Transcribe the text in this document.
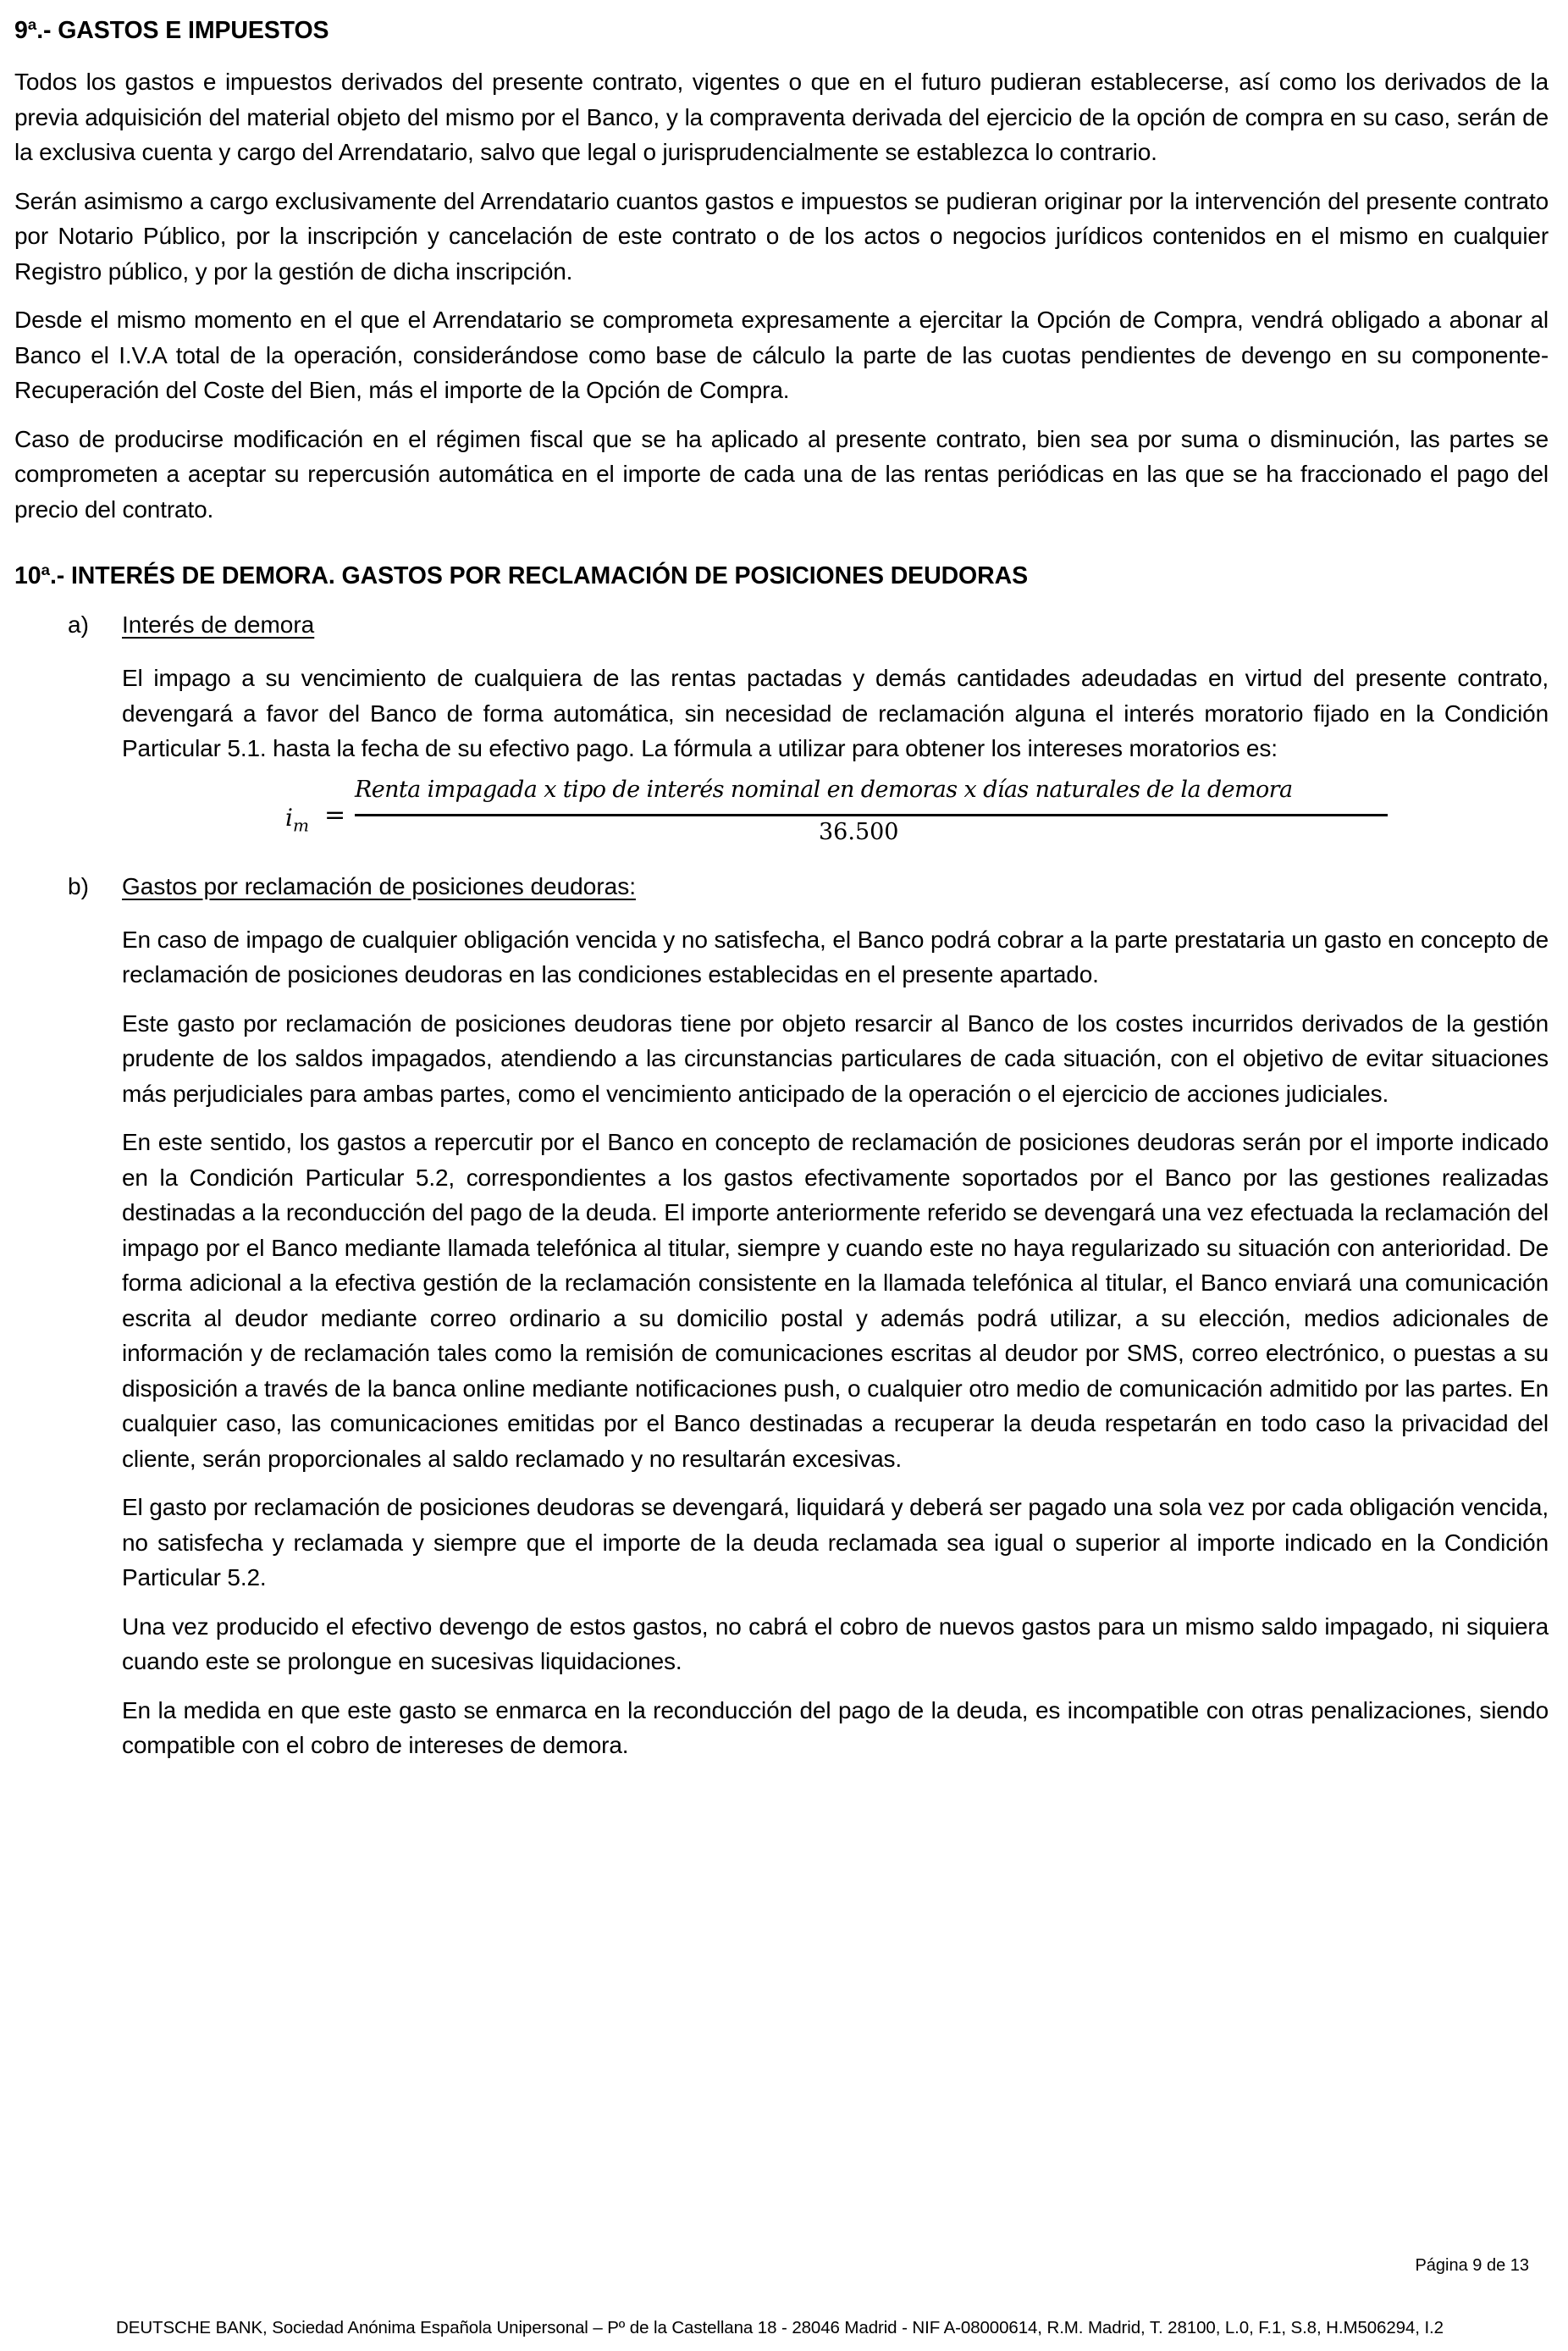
9ª.- GASTOS E IMPUESTOS

Todos los gastos e impuestos derivados del presente contrato, vigentes o que en el futuro pudieran establecerse, así como los derivados de la previa adquisición del material objeto del mismo por el Banco, y la compraventa derivada del ejercicio de la opción de compra en su caso, serán de la exclusiva cuenta y cargo del Arrendatario, salvo que legal o jurisprudencialmente se establezca lo contrario.

Serán asimismo a cargo exclusivamente del Arrendatario cuantos gastos e impuestos se pudieran originar por la intervención del presente contrato por Notario Público, por la inscripción y cancelación de este contrato o de los actos o negocios jurídicos contenidos en el mismo en cualquier Registro público, y por la gestión de dicha inscripción.

Desde el mismo momento en el que el Arrendatario se comprometa expresamente a ejercitar la Opción de Compra, vendrá obligado a abonar al Banco el I.V.A total de la operación, considerándose como base de cálculo la parte de las cuotas pendientes de devengo en su componente- Recuperación del Coste del Bien, más el importe de la Opción de Compra.

Caso de producirse modificación en el régimen fiscal que se ha aplicado al presente contrato, bien sea por suma o disminución, las partes se comprometen a aceptar su repercusión automática en el importe de cada una de las rentas periódicas en las que se ha fraccionado el pago del precio del contrato.

10ª.- INTERÉS DE DEMORA. GASTOS POR RECLAMACIÓN DE POSICIONES DEUDORAS
a)	Interés de demora

El impago a su vencimiento de cualquiera de las rentas pactadas y demás cantidades adeudadas en virtud del presente contrato, devengará a favor del Banco de forma automática, sin necesidad de reclamación alguna el interés moratorio fijado en la Condición Particular 5.1. hasta la fecha de su efectivo pago. La fórmula a utilizar para obtener los intereses moratorios es:

$i_m$ =
Renta impagada x tipo de interés nominal en demoras x días naturales de la demora
36.500
b)	Gastos por reclamación de posiciones deudoras:

En caso de impago de cualquier obligación vencida y no satisfecha, el Banco podrá cobrar a la parte prestataria un gasto en concepto de reclamación de posiciones deudoras en las condiciones establecidas en el presente apartado.

Este gasto por reclamación de posiciones deudoras tiene por objeto resarcir al Banco de los costes incurridos derivados de la gestión prudente de los saldos impagados, atendiendo a las circunstancias particulares de cada situación, con el objetivo de evitar situaciones más perjudiciales para ambas partes, como el vencimiento anticipado de la operación o el ejercicio de acciones judiciales.

En este sentido, los gastos a repercutir por el Banco en concepto de reclamación de posiciones deudoras serán por el importe indicado en la Condición Particular 5.2, correspondientes a los gastos efectivamente soportados por el Banco por las gestiones realizadas destinadas a la reconducción del pago de la deuda. El importe anteriormente referido se devengará una vez efectuada la reclamación del impago por el Banco mediante llamada telefónica al titular, siempre y cuando este no haya regularizado su situación con anterioridad. De forma adicional a la efectiva gestión de la reclamación consistente en la llamada telefónica al titular, el Banco enviará una comunicación escrita al deudor mediante correo ordinario a su domicilio postal y además podrá utilizar, a su elección, medios adicionales de información y de reclamación tales como la remisión de comunicaciones escritas al deudor por SMS, correo electrónico, o puestas a su disposición a través de la banca online mediante notificaciones push, o cualquier otro medio de comunicación admitido por las partes. En cualquier caso, las comunicaciones emitidas por el Banco destinadas a recuperar la deuda respetarán en todo caso la privacidad del cliente, serán proporcionales al saldo reclamado y no resultarán excesivas.

El gasto por reclamación de posiciones deudoras se devengará, liquidará y deberá ser pagado una sola vez por cada obligación vencida, no satisfecha y reclamada y siempre que el importe de la deuda reclamada sea igual o superior al importe indicado en la Condición Particular 5.2.

Una vez producido el efectivo devengo de estos gastos, no cabrá el cobro de nuevos gastos para un mismo saldo impagado, ni siquiera cuando este se prolongue en sucesivas liquidaciones.

En la medida en que este gasto se enmarca en la reconducción del pago de la deuda, es incompatible con otras penalizaciones, siendo compatible con el cobro de intereses de demora.

Página 9 de 13
DEUTSCHE BANK, Sociedad Anónima Española Unipersonal – Pº de la Castellana 18 - 28046 Madrid - NIF A-08000614, R.M. Madrid, T. 28100, L.0, F.1, S.8, H.M506294, I.2
